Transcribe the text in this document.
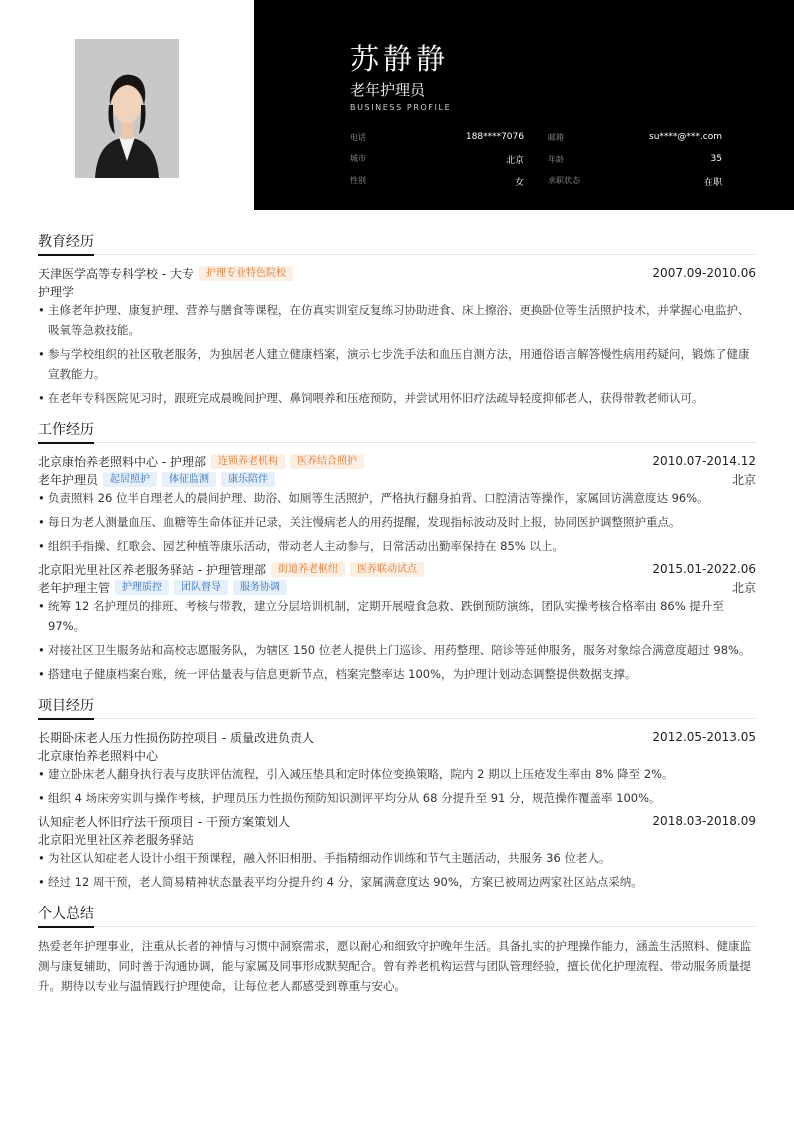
苏静静
老年护理员
BUSINESS PROFILE
电话	188****7076	邮箱	su****@***.com
城市	北京	年龄	35
性别	女	求职状态	在职
教育经历
天津医学高等专科学校 - 大专	护理专业特色院校	2007.09-2010.06
护理学
• 主修老年护理、康复护理、营养与膳食等课程，在仿真实训室反复练习协助进食、床上擦浴、更换卧位等生活照护技术，并掌握心电监护、吸氧等急救技能。
• 参与学校组织的社区敬老服务，为独居老人建立健康档案，演示七步洗手法和血压自测方法，用通俗语言解答慢性病用药疑问，锻炼了健康宣教能力。
• 在老年专科医院见习时，跟班完成晨晚间护理、鼻饲喂养和压疮预防，并尝试用怀旧疗法疏导轻度抑郁老人，获得带教老师认可。
工作经历
北京康怡养老照料中心 - 护理部	连锁养老机构	医养结合照护	2010.07-2014.12
老年护理员	起居照护	体征监测	康乐陪伴	北京
• 负责照料 26 位半自理老人的晨间护理、助浴、如厕等生活照护，严格执行翻身拍背、口腔清洁等操作，家属回访满意度达 96%。
• 每日为老人测量血压、血糖等生命体征并记录，关注慢病老人的用药提醒，发现指标波动及时上报，协同医护调整照护重点。
• 组织手指操、红歌会、园艺种植等康乐活动，带动老人主动参与，日常活动出勤率保持在 85% 以上。
北京阳光里社区养老服务驿站 - 护理管理部	街道养老枢纽	医养联动试点	2015.01-2022.06
老年护理主管	护理质控	团队督导	服务协调	北京
• 统筹 12 名护理员的排班、考核与带教，建立分层培训机制，定期开展噎食急救、跌倒预防演练，团队实操考核合格率由 86% 提升至 97%。
• 对接社区卫生服务站和高校志愿服务队，为辖区 150 位老人提供上门巡诊、用药整理、陪诊等延伸服务，服务对象综合满意度超过 98%。
• 搭建电子健康档案台账，统一评估量表与信息更新节点，档案完整率达 100%，为护理计划动态调整提供数据支撑。
项目经历
长期卧床老人压力性损伤防控项目 - 质量改进负责人	2012.05-2013.05
北京康怡养老照料中心
• 建立卧床老人翻身执行表与皮肤评估流程，引入减压垫具和定时体位变换策略，院内 2 期以上压疮发生率由 8% 降至 2%。
• 组织 4 场床旁实训与操作考核，护理员压力性损伤预防知识测评平均分从 68 分提升至 91 分，规范操作覆盖率 100%。
认知症老人怀旧疗法干预项目 - 干预方案策划人	2018.03-2018.09
北京阳光里社区养老服务驿站
• 为社区认知症老人设计小组干预课程，融入怀旧相册、手指精细动作训练和节气主题活动，共服务 36 位老人。
• 经过 12 周干预，老人简易精神状态量表平均分提升约 4 分，家属满意度达 90%，方案已被周边两家社区站点采纳。
个人总结

热爱老年护理事业，注重从长者的神情与习惯中洞察需求，愿以耐心和细致守护晚年生活。具备扎实的护理操作能力，涵盖生活照料、健康监测与康复辅助，同时善于沟通协调，能与家属及同事形成默契配合。曾有养老机构运营与团队管理经验，擅长优化护理流程、带动服务质量提升。期待以专业与温情践行护理使命，让每位老人都感受到尊重与安心。
